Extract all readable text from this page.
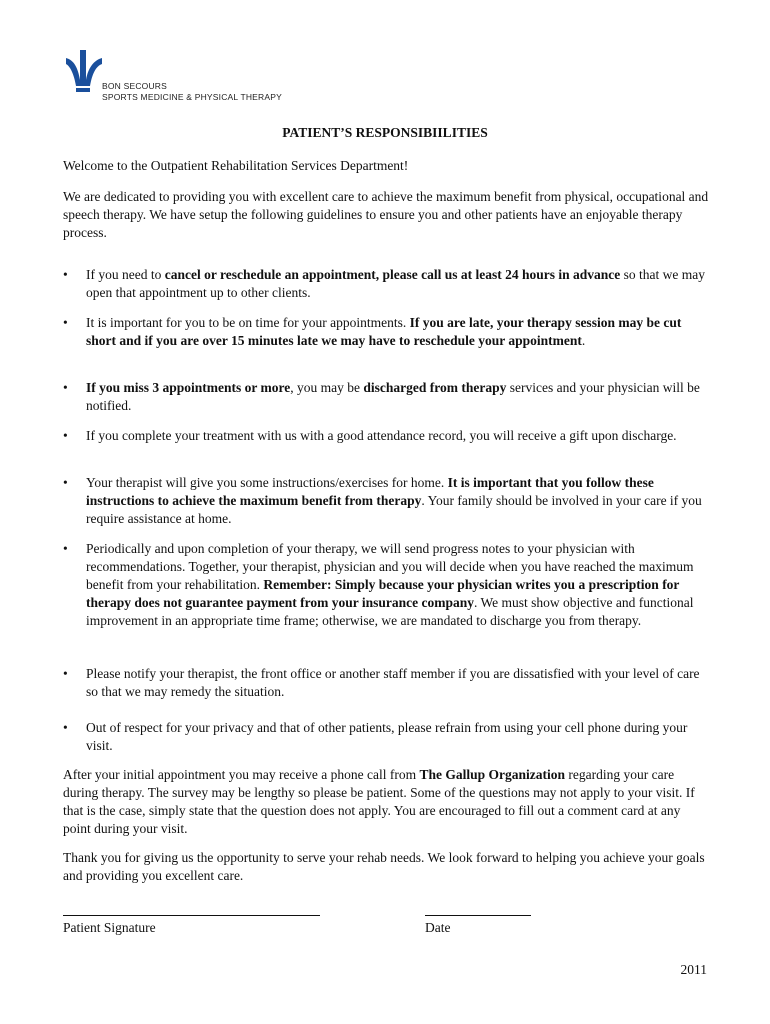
BON SECOURS
SPORTS MEDICINE & PHYSICAL THERAPY
PATIENT’S RESPONSIBIILITIES

Welcome to the Outpatient Rehabilitation Services Department!

We are dedicated to providing you with excellent care to achieve the maximum benefit from physical, occupational and speech therapy. We have setup the following guidelines to ensure you and other patients have an enjoyable therapy process.

•	If you need to cancel or reschedule an appointment, please call us at least 24 hours in advance so that we may open that appointment up to other clients.
•	It is important for you to be on time for your appointments. If you are late, your therapy session may be cut short and if you are over 15 minutes late we may have to reschedule your appointment.
•	If you miss 3 appointments or more, you may be discharged from therapy services and your physician will be notified.
•	If you complete your treatment with us with a good attendance record, you will receive a gift upon discharge.
•	Your therapist will give you some instructions/exercises for home. It is important that you follow these instructions to achieve the maximum benefit from therapy. Your family should be involved in your care if you require assistance at home.
•	Periodically and upon completion of your therapy, we will send progress notes to your physician with recommendations. Together, your therapist, physician and you will decide when you have reached the maximum benefit from your rehabilitation. Remember: Simply because your physician writes you a prescription for therapy does not guarantee payment from your insurance company. We must show objective and functional improvement in an appropriate time frame; otherwise, we are mandated to discharge you from therapy.
•	Please notify your therapist, the front office or another staff member if you are dissatisfied with your level of care so that we may remedy the situation.
•	Out of respect for your privacy and that of other patients, please refrain from using your cell phone during your visit.

After your initial appointment you may receive a phone call from The Gallup Organization regarding your care during therapy. The survey may be lengthy so please be patient. Some of the questions may not apply to your visit. If that is the case, simply state that the question does not apply. You are encouraged to fill out a comment card at any point during your visit.

Thank you for giving us the opportunity to serve your rehab needs. We look forward to helping you achieve your goals and providing you excellent care.

Patient Signature	Date
2011
